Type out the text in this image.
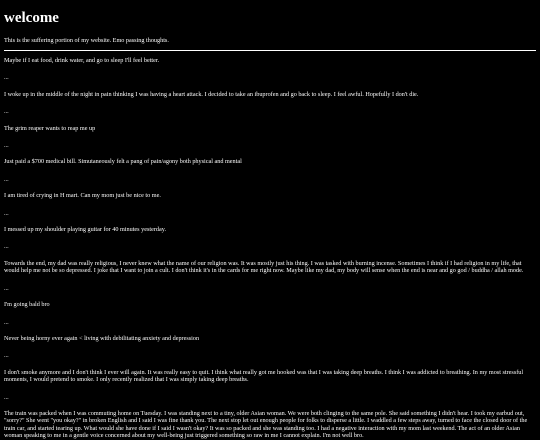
welcome

This is the suffering portion of my website. Emo passing thoughts.

Maybe if I eat food, drink water, and go to sleep I'll feel better.

...

I woke up in the middle of the night in pain thinking I was having a heart attack. I decided to take an ibuprofen and go back to sleep. I feel awful. Hopefully I don't die.

...

The grim reaper wants to reap me up

...

Just paid a $700 medical bill. Simutaneously felt a pang of pain/agony both physical and mental

...

I am tired of crying in H mart. Can my mom just be nice to me.

...

I messed up my shoulder playing guitar for 40 minutes yesterday.

...

Towards the end, my dad was really religious, I never knew what the name of our religion was. It was mostly just his thing. I was tasked with burning incense. Sometimes I think if I had religion in my life, that would help me not be so depressed. I joke that I want to join a cult. I don't think it's in the cards for me right now. Maybe like my dad, my body will sense when the end is near and go god / buddha / allah mode.

...

I'm going bald bro

...

Never being horny ever again < living with debilitating anxiety and depression

...

I don't smoke anymore and I don't think I ever will again. It was really easy to quit. I think what really got me hooked was that I was taking deep breaths. I think I was addicted to breathing. In my most stressful moments, I would pretend to smoke. I only recently realized that I was simply taking deep breaths.

...

The train was packed when I was commuting home on Tuesday. I was standing next to a tiny, older Asian woman. We were both clinging to the same pole. She said something I didn't hear. I took my earbud out, "sorry?" She went "you okay?" in broken English and I said I was fine thank you. The next stop let out enough people for folks to disperse a little. I waddled a few steps away, turned to face the closed door of the train car, and started tearing up. What would she have done if I said I wasn't okay? It was so packed and she was standing too. I had a negative interaction with my mom last weekend. The act of an older Asian woman speaking to me in a gentle voice concerned about my well-being just triggered something so raw in me I cannot explain. I'm not well bro.
